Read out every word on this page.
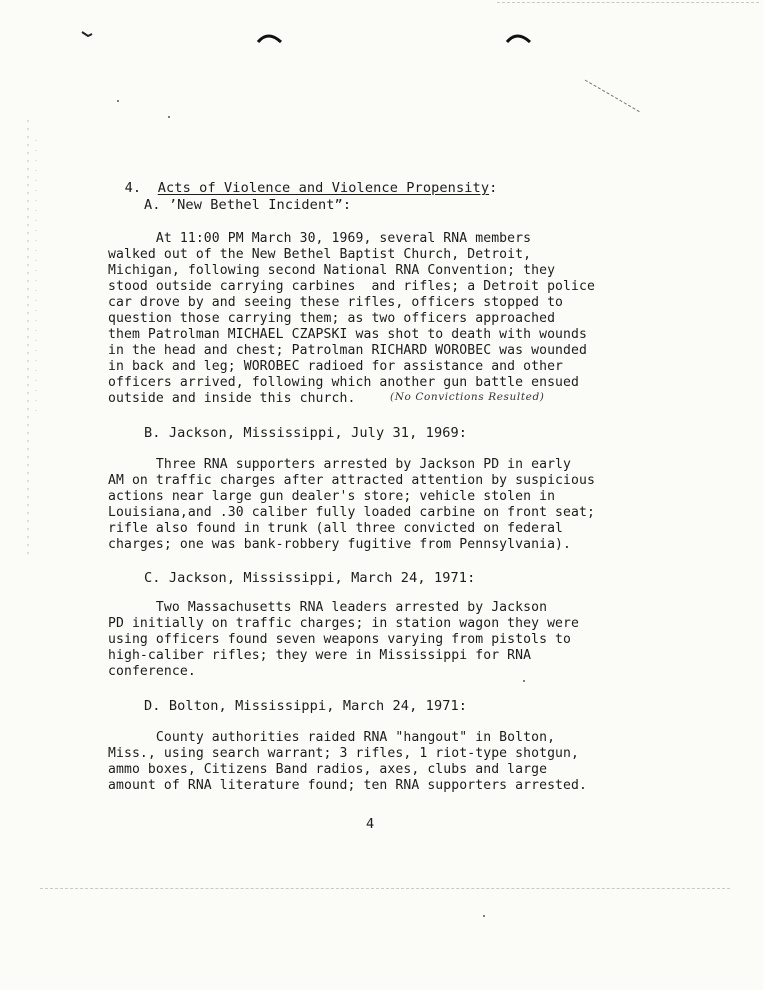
4. Acts of Violence and Violence Propensity:

A. ’New Bethel Incident”:
At 11:00 PM March 30, 1969, several RNA members
walked out of the New Bethel Baptist Church, Detroit,
Michigan, following second National RNA Convention; they
stood outside carrying carbines  and rifles; a Detroit police
car drove by and seeing these rifles, officers stopped to
question those carrying them; as two officers approached
them Patrolman MICHAEL CZAPSKI was shot to death with wounds
in the head and chest; Patrolman RICHARD WOROBEC was wounded
in back and leg; WOROBEC radioed for assistance and other
officers arrived, following which another gun battle ensued
outside and inside this church.	(No Convictions Resulted)
B. Jackson, Mississippi, July 31, 1969:
Three RNA supporters arrested by Jackson PD in early
AM on traffic charges after attracted attention by suspicious
actions near large gun dealer's store; vehicle stolen in
Louisiana,and .30 caliber fully loaded carbine on front seat;
rifle also found in trunk (all three convicted on federal
charges; one was bank-robbery fugitive from Pennsylvania).
C. Jackson, Mississippi, March 24, 1971:
Two Massachusetts RNA leaders arrested by Jackson
PD initially on traffic charges; in station wagon they were
using officers found seven weapons varying from pistols to
high-caliber rifles; they were in Mississippi for RNA
conference.
D. Bolton, Mississippi, March 24, 1971:
County authorities raided RNA "hangout" in Bolton,
Miss., using search warrant; 3 rifles, 1 riot-type shotgun,
ammo boxes, Citizens Band radios, axes, clubs and large
amount of RNA literature found; ten RNA supporters arrested.
4
